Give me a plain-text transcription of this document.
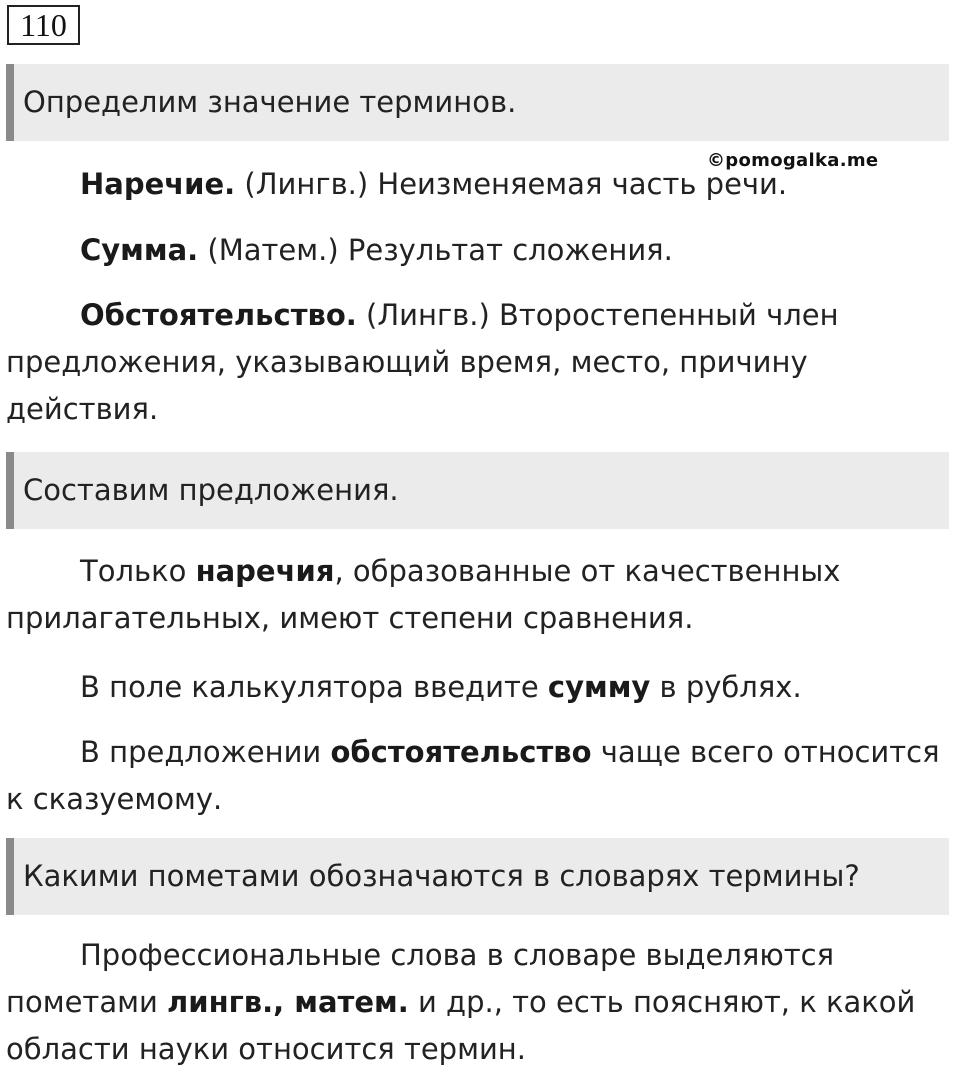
110
Определим значение терминов.
©pomogalka.me

Наречие. (Лингв.) Неизменяемая часть речи.

Сумма. (Матем.) Результат сложения.

Обстоятельство. (Лингв.) Второстепенный член предложения, указывающий время, место, причину действия.

Составим предложения.

Только наречия, образованные от качественных прилагательных, имеют степени сравнения.

В поле калькулятора введите сумму в рублях.

В предложении обстоятельство чаще всего относится к сказуемому.

Какими пометами обозначаются в словарях термины?

Профессиональные слова в словаре выделяются пометами лингв., матем. и др., то есть поясняют, к какой области науки относится термин.
